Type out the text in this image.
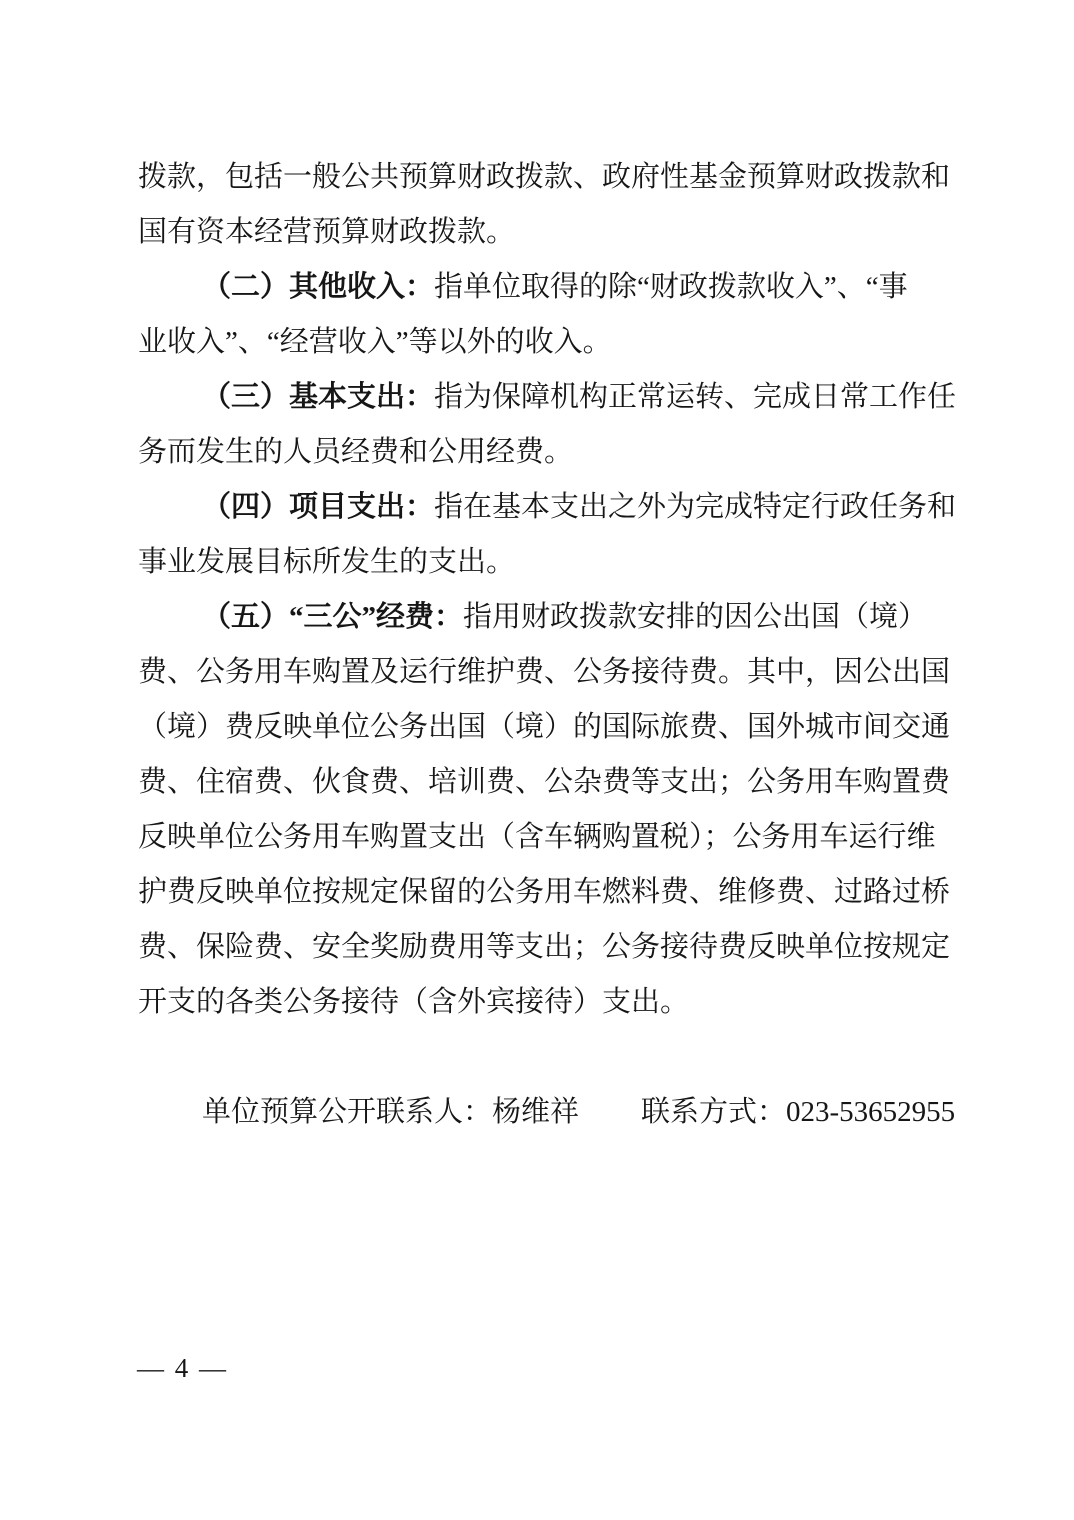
拨款，包括一般公共预算财政拨款、政府性基金预算财政拨款和
国有资本经营预算财政拨款。
（二）其他收入：指单位取得的除“财政拨款收入”、“事
业收入”、“经营收入”等以外的收入。
（三）基本支出：指为保障机构正常运转、完成日常工作任
务而发生的人员经费和公用经费。
（四）项目支出：指在基本支出之外为完成特定行政任务和
事业发展目标所发生的支出。
（五）“三公”经费：指用财政拨款安排的因公出国（境）
费、公务用车购置及运行维护费、公务接待费。其中，因公出国
（境）费反映单位公务出国（境）的国际旅费、国外城市间交通
费、住宿费、伙食费、培训费、公杂费等支出；公务用车购置费
反映单位公务用车购置支出（含车辆购置税）；公务用车运行维
护费反映单位按规定保留的公务用车燃料费、维修费、过路过桥
费、保险费、安全奖励费用等支出；公务接待费反映单位按规定
开支的各类公务接待（含外宾接待）支出。
单位预算公开联系人：杨维祥 联系方式：023-53652955
— 4 —
